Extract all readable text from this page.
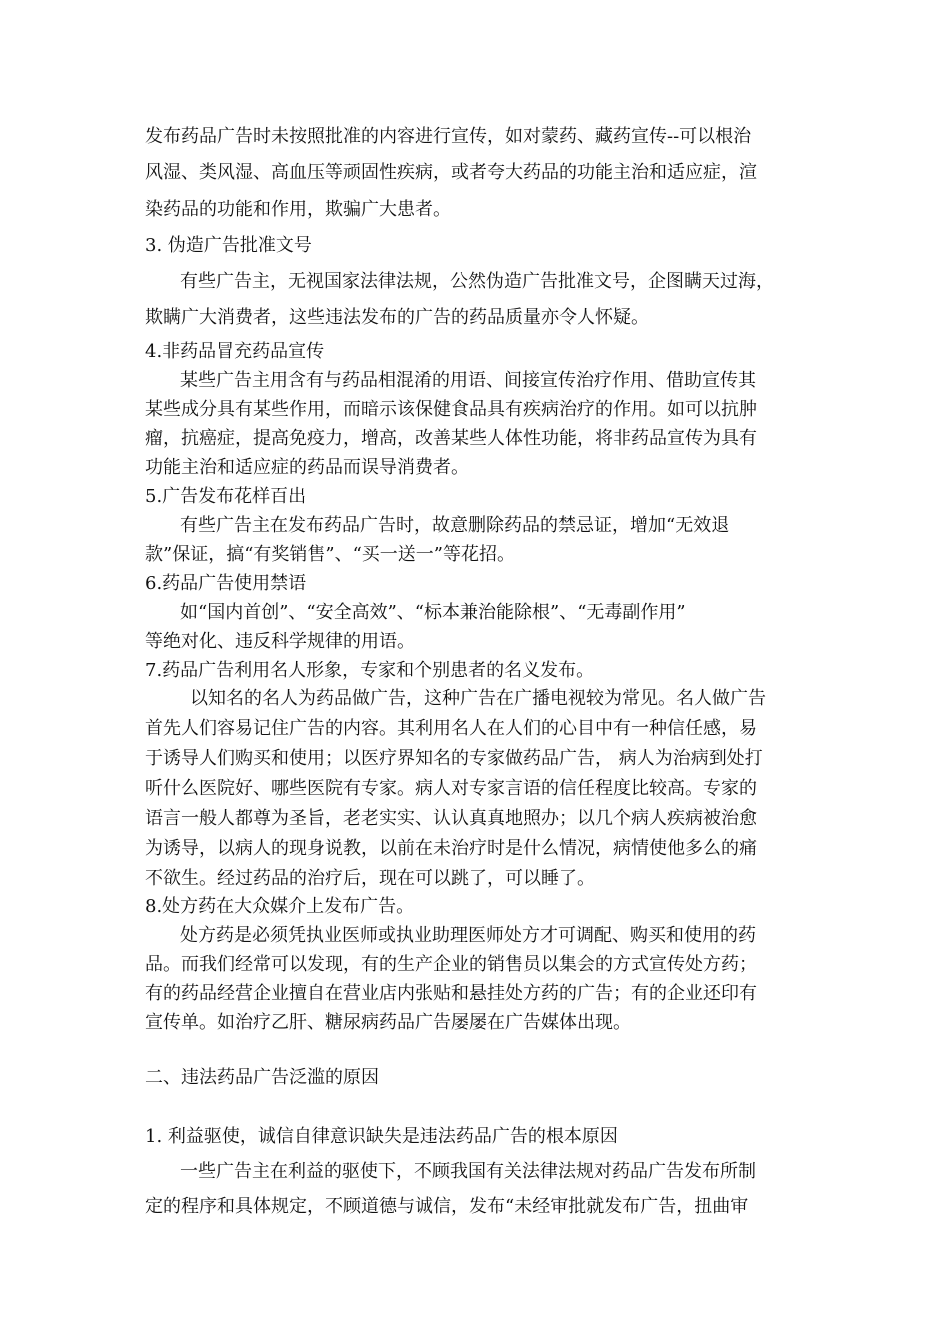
发布药品广告时未按照批准的内容进行宣传，如对蒙药、藏药宣传--可以根治
风湿、类风湿、高血压等顽固性疾病，或者夸大药品的功能主治和适应症，渲
染药品的功能和作用，欺骗广大患者。
3. 伪造广告批准文号
有些广告主，无视国家法律法规，公然伪造广告批准文号，企图瞒天过海，
欺瞒广大消费者，这些违法发布的广告的药品质量亦令人怀疑。
4.非药品冒充药品宣传
某些广告主用含有与药品相混淆的用语、间接宣传治疗作用、借助宣传其
某些成分具有某些作用，而暗示该保健食品具有疾病治疗的作用。如可以抗肿
瘤，抗癌症，提高免疫力，增高，改善某些人体性功能，将非药品宣传为具有
功能主治和适应症的药品而误导消费者。
5.广告发布花样百出
有些广告主在发布药品广告时，故意删除药品的禁忌证，增加“无效退
款”保证，搞“有奖销售”、“买一送一”等花招。
6.药品广告使用禁语
如“国内首创”、“安全高效”、“标本兼治能除根”、“无毒副作用”
等绝对化、违反科学规律的用语。
7.药品广告利用名人形象，专家和个别患者的名义发布。
以知名的名人为药品做广告，这种广告在广播电视较为常见。名人做广告
首先人们容易记住广告的内容。其利用名人在人们的心目中有一种信任感，易
于诱导人们购买和使用；以医疗界知名的专家做药品广告， 病人为治病到处打
听什么医院好、哪些医院有专家。病人对专家言语的信任程度比较高。专家的
语言一般人都尊为圣旨，老老实实、认认真真地照办；以几个病人疾病被治愈
为诱导，以病人的现身说教，以前在未治疗时是什么情况，病情使他多么的痛
不欲生。经过药品的治疗后，现在可以跳了，可以睡了。
8.处方药在大众媒介上发布广告。
处方药是必须凭执业医师或执业助理医师处方才可调配、购买和使用的药
品。而我们经常可以发现，有的生产企业的销售员以集会的方式宣传处方药；
有的药品经营企业擅自在营业店内张贴和悬挂处方药的广告；有的企业还印有
宣传单。如治疗乙肝、糖尿病药品广告屡屡在广告媒体出现。
二、违法药品广告泛滥的原因
1. 利益驱使，诚信自律意识缺失是违法药品广告的根本原因
一些广告主在利益的驱使下，不顾我国有关法律法规对药品广告发布所制
定的程序和具体规定，不顾道德与诚信，发布“未经审批就发布广告，扭曲审
